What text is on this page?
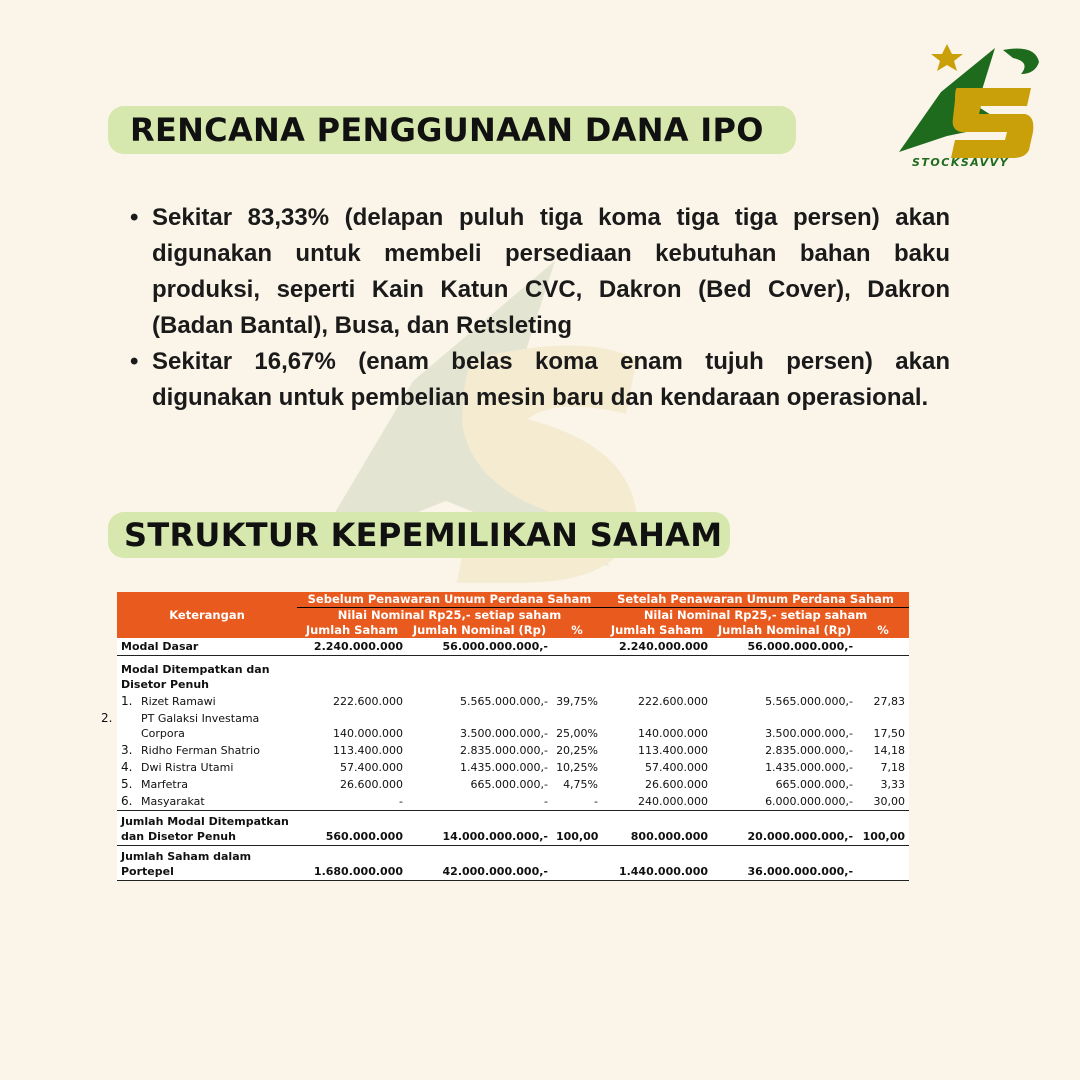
RENCANA PENGGUNAAN DANA IPO
STOCKSAVVY
• Sekitar 83,33% (delapan puluh tiga koma tiga tiga persen) akan digunakan untuk membeli persediaan kebutuhan bahan baku produksi, seperti Kain Katun CVC, Dakron (Bed Cover), Dakron (Badan Bantal), Busa, dan Retsleting
• Sekitar 16,67% (enam belas koma enam tujuh persen) akan digunakan untuk pembelian mesin baru dan kendaraan operasional.
STRUKTUR KEPEMILIKAN SAHAM
Keterangan	Sebelum Penawaran Umum Perdana Saham			Setelah Penawaran Umum Perdana Saham		
	Nilai Nominal Rp25,- setiap saham			Nilai Nominal Rp25,- setiap saham		
	Jumlah Saham	Jumlah Nominal (Rp)	%	Jumlah Saham	Jumlah Nominal (Rp)	%
Modal Dasar	2.240.000.000	56.000.000.000,-		2.240.000.000	56.000.000.000,-	
Modal Ditempatkan dan Disetor Penuh						
1. Rizet Ramawi	222.600.000	5.565.000.000,-	39,75%	222.600.000	5.565.000.000,-	27,83
2. PT Galaksi Investama Corpora	140.000.000	3.500.000.000,-	25,00%	140.000.000	3.500.000.000,-	17,50
3. Ridho Ferman Shatrio	113.400.000	2.835.000.000,-	20,25%	113.400.000	2.835.000.000,-	14,18
4. Dwi Ristra Utami	57.400.000	1.435.000.000,-	10,25%	57.400.000	1.435.000.000,-	7,18
5. Marfetra	26.600.000	665.000.000,-	4,75%	26.600.000	665.000.000,-	3,33
6. Masyarakat	-	-	-	240.000.000	6.000.000.000,-	30,00
Jumlah Modal Ditempatkan dan Disetor Penuh	560.000.000	14.000.000.000,-	100,00	800.000.000	20.000.000.000,-	100,00
Jumlah Saham dalam Portepel	1.680.000.000	42.000.000.000,-		1.440.000.000	36.000.000.000,-	
